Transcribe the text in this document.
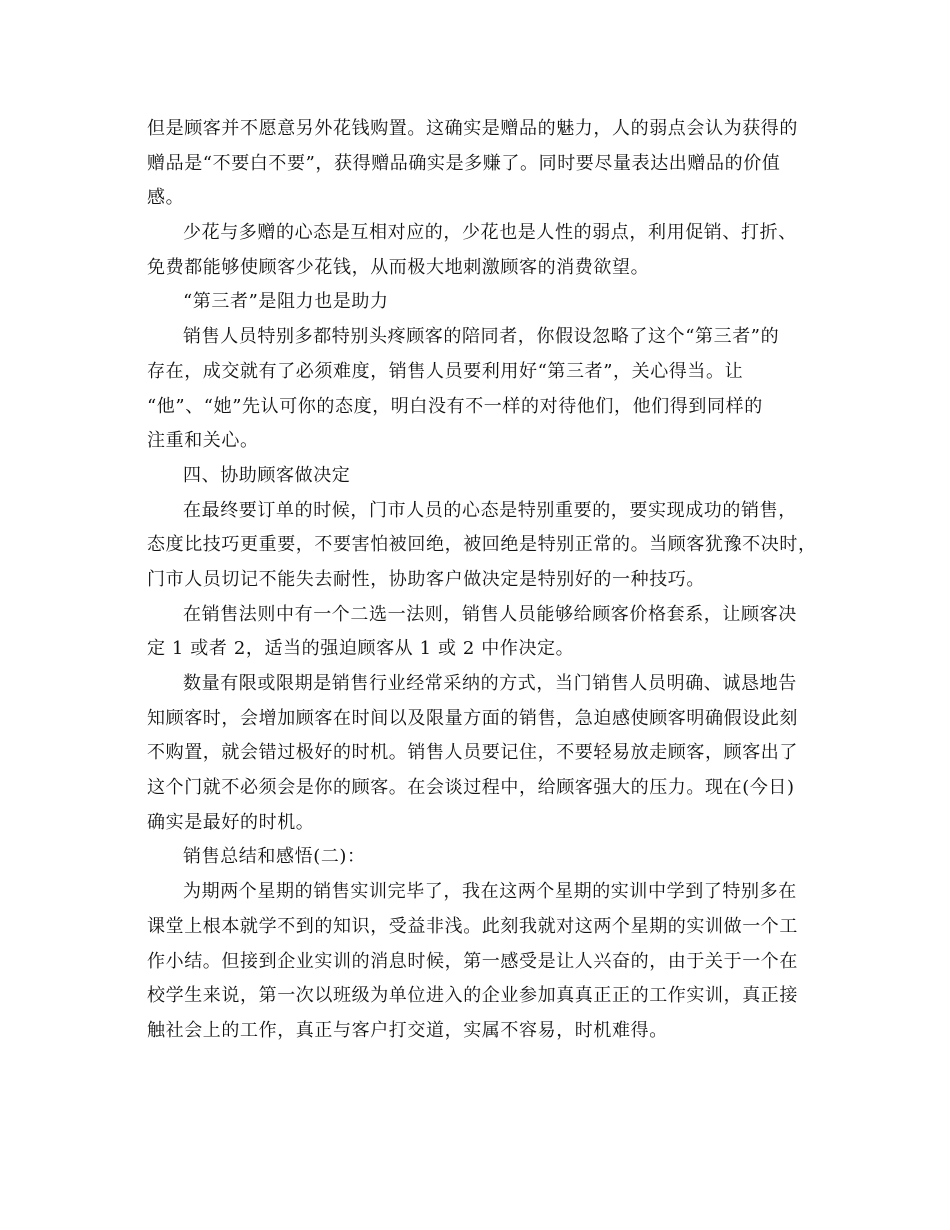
但是顾客并不愿意另外花钱购置。这确实是赠品的魅力，人的弱点会认为获得的
赠品是“不要白不要”，获得赠品确实是多赚了。同时要尽量表达出赠品的价值
感。
少花与多赠的心态是互相对应的，少花也是人性的弱点，利用促销、打折、
免费都能够使顾客少花钱，从而极大地刺激顾客的消费欲望。
“第三者”是阻力也是助力
销售人员特别多都特别头疼顾客的陪同者，你假设忽略了这个“第三者”的
存在，成交就有了必须难度，销售人员要利用好“第三者”，关心得当。让
“他”、“她”先认可你的态度，明白没有不一样的对待他们，他们得到同样的
注重和关心。
四、协助顾客做决定
在最终要订单的时候，门市人员的心态是特别重要的，要实现成功的销售，
态度比技巧更重要，不要害怕被回绝，被回绝是特别正常的。当顾客犹豫不决时，
门市人员切记不能失去耐性，协助客户做决定是特别好的一种技巧。
在销售法则中有一个二选一法则，销售人员能够给顾客价格套系，让顾客决
定 1 或者 2，适当的强迫顾客从 1 或 2 中作决定。
数量有限或限期是销售行业经常采纳的方式，当门销售人员明确、诚恳地告
知顾客时，会增加顾客在时间以及限量方面的销售，急迫感使顾客明确假设此刻
不购置，就会错过极好的时机。销售人员要记住，不要轻易放走顾客，顾客出了
这个门就不必须会是你的顾客。在会谈过程中，给顾客强大的压力。现在(今日)
确实是最好的时机。
销售总结和感悟(二)：
为期两个星期的销售实训完毕了，我在这两个星期的实训中学到了特别多在
课堂上根本就学不到的知识，受益非浅。此刻我就对这两个星期的实训做一个工
作小结。但接到企业实训的消息时候，第一感受是让人兴奋的，由于关于一个在
校学生来说，第一次以班级为单位进入的企业参加真真正正的工作实训，真正接
触社会上的工作，真正与客户打交道，实属不容易，时机难得。
